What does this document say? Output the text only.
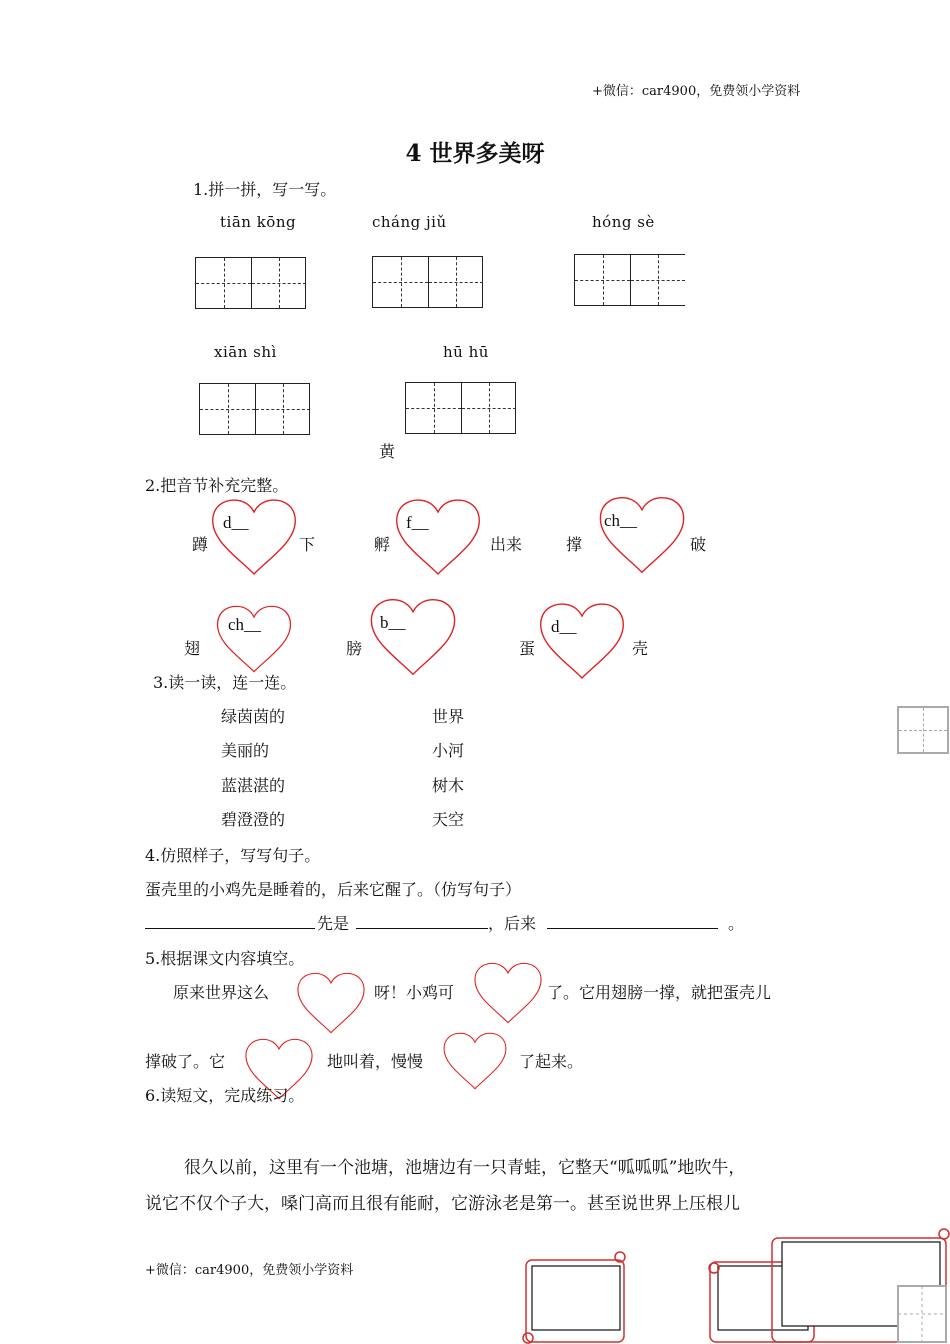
+微信：car4900，免费领小学资料
4 世界多美呀
1.拼一拼，写一写。
tiān kōng	cháng jiǔ	hóng sè
xiān shì	hū hū
黄
2.把音节补充完整。
蹲
d__
下	孵
f__
出来	撑
ch__
破
翅
ch__
膀
b__
蛋
d__
壳
3.读一读，连一连。
绿茵茵的
美丽的
蓝湛湛的
碧澄澄的
世界
小河
树木
天空
4.仿照样子，写写句子。
蛋壳里的小鸡先是睡着的，后来它醒了。（仿写句子）
先是	，后来	。
5.根据课文内容填空。
原来世界这么	呀！小鸡可	了。它用翅膀一撑，就把蛋壳儿
撑破了。它	地叫着，慢慢	了起来。
6.读短文，完成练习。
很久以前，这里有一个池塘，池塘边有一只青蛙，它整天“呱呱呱”地吹牛，
说它不仅个子大，嗓门高而且很有能耐，它游泳老是第一。甚至说世界上压根儿
+微信：car4900，免费领小学资料
